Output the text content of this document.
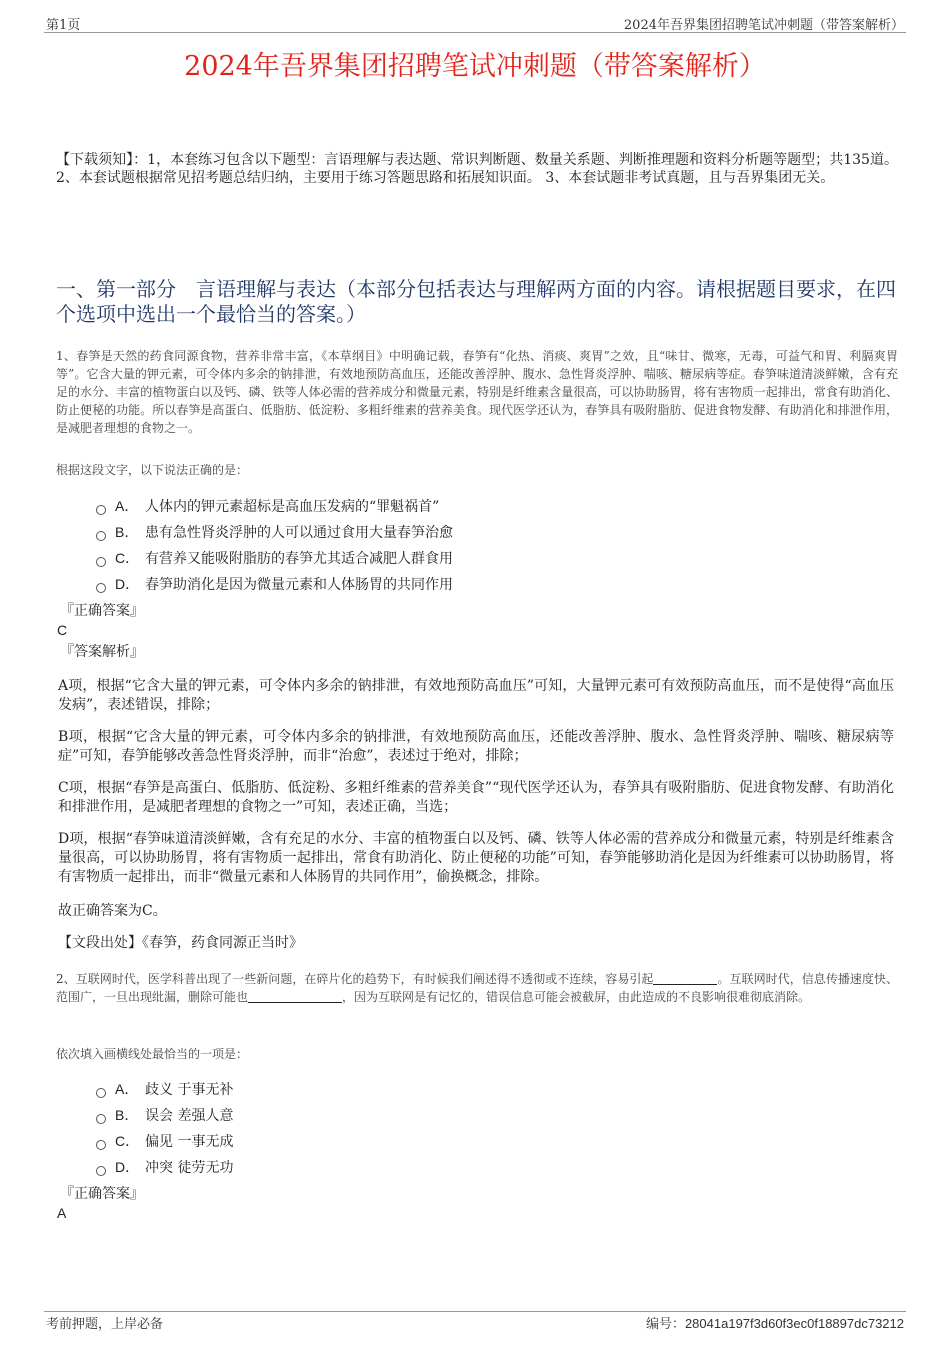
第1页	2024年吾界集团招聘笔试冲刺题（带答案解析）
2024年吾界集团招聘笔试冲刺题（带答案解析）
【下载须知】：1，本套练习包含以下题型：言语理解与表达题、常识判断题、数量关系题、判断推理题和资料分析题等题型；共135道。 2、本套试题根据常见招考题总结归纳，主要用于练习答题思路和拓展知识面。 3、本套试题非考试真题，且与吾界集团无关。
一、第一部分　言语理解与表达（本部分包括表达与理解两方面的内容。请根据题目要求，在四个选项中选出一个最恰当的答案。）
1、春笋是天然的药食同源食物，营养非常丰富，《本草纲目》中明确记载，春笋有“化热、消痰、爽胃”之效，且“味甘、微寒，无毒，可益气和胃、利膈爽胃等”。它含大量的钾元素，可令体内多余的钠排泄，有效地预防高血压，还能改善浮肿、腹水、急性肾炎浮肿、喘咳、糖尿病等症。春笋味道清淡鲜嫩，含有充足的水分、丰富的植物蛋白以及钙、磷、铁等人体必需的营养成分和微量元素，特别是纤维素含量很高，可以协助肠胃，将有害物质一起排出，常食有助消化、防止便秘的功能。所以春笋是高蛋白、低脂肪、低淀粉、多粗纤维素的营养美食。现代医学还认为，春笋具有吸附脂肪、促进食物发酵、有助消化和排泄作用，是减肥者理想的食物之一。
根据这段文字，以下说法正确的是：
A． 人体内的钾元素超标是高血压发病的“罪魁祸首”
B． 患有急性肾炎浮肿的人可以通过食用大量春笋治愈
C． 有营养又能吸附脂肪的春笋尤其适合减肥人群食用
D． 春笋助消化是因为微量元素和人体肠胃的共同作用
『正确答案』
C
『答案解析』
A项，根据“它含大量的钾元素，可令体内多余的钠排泄，有效地预防高血压”可知，大量钾元素可有效预防高血压，而不是使得“高血压发病”，表述错误，排除；
B项，根据“它含大量的钾元素，可令体内多余的钠排泄，有效地预防高血压，还能改善浮肿、腹水、急性肾炎浮肿、喘咳、糖尿病等症”可知，春笋能够改善急性肾炎浮肿，而非“治愈”，表述过于绝对，排除；
C项，根据“春笋是高蛋白、低脂肪、低淀粉、多粗纤维素的营养美食”“现代医学还认为，春笋具有吸附脂肪、促进食物发酵、有助消化和排泄作用，是减肥者理想的食物之一”可知，表述正确，当选；
D项，根据“春笋味道清淡鲜嫩，含有充足的水分、丰富的植物蛋白以及钙、磷、铁等人体必需的营养成分和微量元素，特别是纤维素含量很高，可以协助肠胃，将有害物质一起排出，常食有助消化、防止便秘的功能”可知，春笋能够助消化是因为纤维素可以协助肠胃，将有害物质一起排出，而非“微量元素和人体肠胃的共同作用”，偷换概念，排除。
故正确答案为C。
【文段出处】《春笋，药食同源正当时》
2、互联网时代，医学科普出现了一些新问题，在碎片化的趋势下，有时候我们阐述得不透彻或不连续，容易引起	。互联网时代，信息传播速度快、范围广，一旦出现纰漏，删除可能也	，因为互联网是有记忆的，错误信息可能会被截屏，由此造成的不良影响很难彻底消除。
依次填入画横线处最恰当的一项是：
A． 歧义 于事无补
B． 误会 差强人意
C． 偏见 一事无成
D． 冲突 徒劳无功
『正确答案』
A
考前押题，上岸必备	编号：28041a197f3d60f3ec0f18897dc73212
